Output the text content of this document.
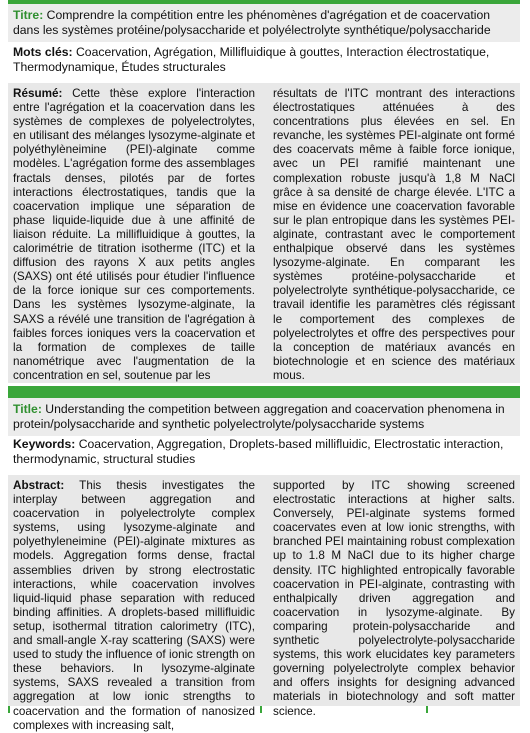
Titre: Comprendre la compétition entre les phénomènes d'agrégation et de coacervation dans les systèmes protéine/polysaccharide et polyélectrolyte synthétique/polysaccharide
Mots clés: Coacervation, Agrégation, Millifluidique à gouttes, Interaction électrostatique, Thermodynamique, Études structurales

Résumé: Cette thèse explore l'interaction entre l'agrégation et la coacervation dans les systèmes de complexes de polyelectrolytes, en utilisant des mélanges lysozyme-alginate et polyéthylèneimine (PEI)-alginate comme modèles. L'agrégation forme des assemblages fractals denses, pilotés par de fortes interactions électrostatiques, tandis que la coacervation implique une séparation de phase liquide-liquide due à une affinité de liaison réduite. La millifluidique à gouttes, la calorimétrie de titration isotherme (ITC) et la diffusion des rayons X aux petits angles (SAXS) ont été utilisés pour étudier l'influence de la force ionique sur ces comportements. Dans les systèmes lysozyme-alginate, la SAXS a révélé une transition de l'agrégation à faibles forces ioniques vers la coacervation et la formation de complexes de taille nanométrique avec l'augmentation de la concentration en sel, soutenue par les

résultats de l'ITC montrant des interactions électrostatiques atténuées à des concentrations plus élevées en sel. En revanche, les systèmes PEI-alginate ont formé des coacervats même à faible force ionique, avec un PEI ramifié maintenant une complexation robuste jusqu'à 1,8 M NaCl grâce à sa densité de charge élevée. L'ITC a mise en évidence une coacervation favorable sur le plan entropique dans les systèmes PEI-alginate, contrastant avec le comportement enthalpique observé dans les systèmes lysozyme-alginate. En comparant les systèmes protéine-polysaccharide et polyelectrolyte synthétique-polysaccharide, ce travail identifie les paramètres clés régissant le comportement des complexes de polyelectrolytes et offre des perspectives pour la conception de matériaux avancés en biotechnologie et en science des matériaux mous.

Title: Understanding the competition between aggregation and coacervation phenomena in protein/polysaccharide and synthetic polyelectrolyte/polysaccharide systems
Keywords: Coacervation, Aggregation, Droplets-based millifluidic, Electrostatic interaction, thermodynamic, structural studies

Abstract: This thesis investigates the interplay between aggregation and coacervation in polyelectrolyte complex systems, using lysozyme-alginate and polyethyleneimine (PEI)-alginate mixtures as models. Aggregation forms dense, fractal assemblies driven by strong electrostatic interactions, while coacervation involves liquid-liquid phase separation with reduced binding affinities. A droplets-based millifluidic setup, isothermal titration calorimetry (ITC), and small-angle X-ray scattering (SAXS) were used to study the influence of ionic strength on these behaviors. In lysozyme-alginate systems, SAXS revealed a transition from aggregation at low ionic strengths to coacervation and the formation of nanosized complexes with increasing salt,

supported by ITC showing screened electrostatic interactions at higher salts. Conversely, PEI-alginate systems formed coacervates even at low ionic strengths, with branched PEI maintaining robust complexation up to 1.8 M NaCl due to its higher charge density. ITC highlighted entropically favorable coacervation in PEI-alginate, contrasting with enthalpically driven aggregation and coacervation in lysozyme-alginate. By comparing protein-polysaccharide and synthetic polyelectrolyte-polysaccharide systems, this work elucidates key parameters governing polyelectrolyte complex behavior and offers insights for designing advanced materials in biotechnology and soft matter science.
